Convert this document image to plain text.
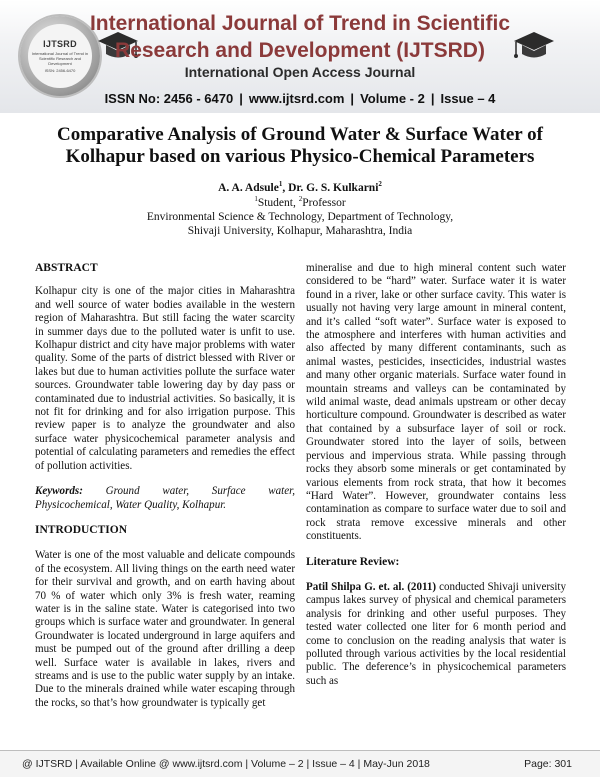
IJTSRD
International Journal of Trend in Scientific Research and Development
ISSN: 2456-6470
International Journal of Trend in Scientific
Research and Development (IJTSRD)
International Open Access Journal
ISSN No: 2456 - 6470 | www.ijtsrd.com | Volume - 2 | Issue – 4
Comparative Analysis of Ground Water & Surface Water of
Kolhapur based on various Physico-Chemical Parameters
A. A. Adsule$^1$, Dr. G. S. Kulkarni$^2$
$^1$Student, $^2$Professor
Environmental Science & Technology, Department of Technology,
Shivaji University, Kolhapur, Maharashtra, India

ABSTRACT

Kolhapur city is one of the major cities in Maharashtra and well source of water bodies available in the western region of Maharashtra. But still facing the water scarcity in summer days due to the polluted water is unfit to use. Kolhapur district and city have major problems with water quality. Some of the parts of district blessed with River or lakes but due to human activities pollute the surface water sources. Groundwater table lowering day by day pass or contaminated due to industrial activities. So basically, it is not fit for drinking and for also irrigation purpose. This review paper is to analyze the groundwater and also surface water physicochemical parameter analysis and potential of calculating parameters and remedies the effect of pollution activities.

Keywords: Ground water, Surface water, Physicochemical, Water Quality, Kolhapur.

INTRODUCTION

Water is one of the most valuable and delicate compounds of the ecosystem. All living things on the earth need water for their survival and growth, and on earth having about 70 % of water which only 3% is fresh water, reaming water is in the saline state. Water is categorised into two groups which is surface water and groundwater. In general Groundwater is located underground in large aquifers and must be pumped out of the ground after drilling a deep well. Surface water is available in lakes, rivers and streams and is use to the public water supply by an intake. Due to the minerals drained while water escaping through the rocks, so that’s how groundwater is typically get

mineralise and due to high mineral content such water considered to be “hard” water. Surface water it is water found in a river, lake or other surface cavity. This water is usually not having very large amount in mineral content, and it’s called “soft water”. Surface water is exposed to the atmosphere and interferes with human activities and also affected by many different contaminants, such as animal wastes, pesticides, insecticides, industrial wastes and many other organic materials. Surface water found in mountain streams and valleys can be contaminated by wild animal waste, dead animals upstream or other decay horticulture compound. Groundwater is described as water that contained by a subsurface layer of soil or rock. Groundwater stored into the layer of soils, between pervious and impervious strata. While passing through rocks they absorb some minerals or get contaminated by various elements from rock strata, that how it becomes “Hard Water”. However, groundwater contains less contamination as compare to surface water due to soil and rock strata remove excessive minerals and other constituents.

Literature Review:

Patil Shilpa G. et. al. (2011) conducted Shivaji university campus lakes survey of physical and chemical parameters analysis for drinking and other useful purposes. They tested water collected one liter for 6 month period and come to conclusion on the reading analysis that water is polluted through various activities by the local residential public. The deference’s in physicochemical parameters such as

@ IJTSRD | Available Online @ www.ijtsrd.com | Volume – 2 | Issue – 4 | May-Jun 2018	Page: 301
